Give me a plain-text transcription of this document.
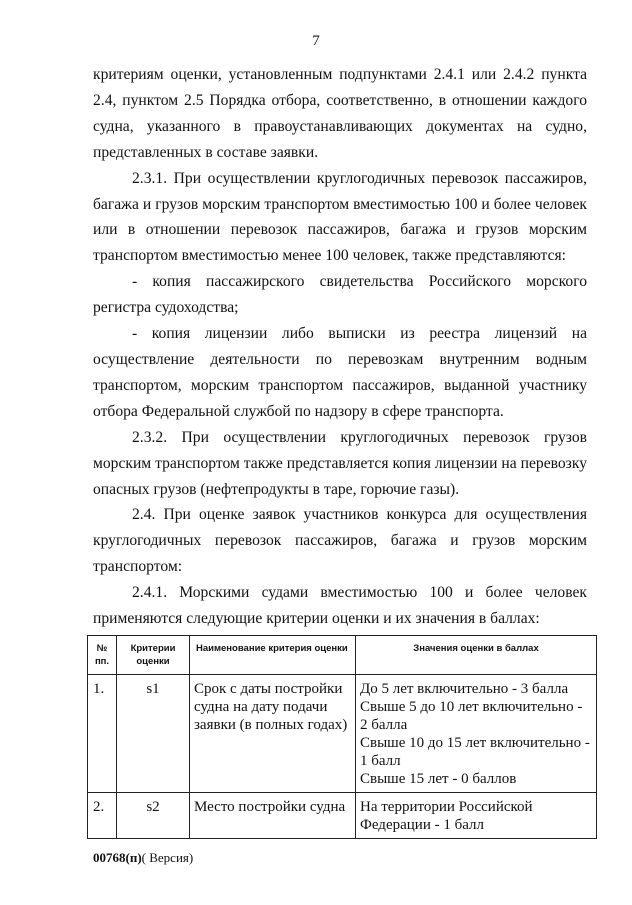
7

критериям оценки, установленным подпунктами 2.4.1 или 2.4.2 пункта 2.4, пунктом 2.5 Порядка отбора, соответственно, в отношении каждого судна, указанного в правоустанавливающих документах на судно, представленных в составе заявки.

2.3.1. При осуществлении круглогодичных перевозок пассажиров, багажа и грузов морским транспортом вместимостью 100 и более человек или в отношении перевозок пассажиров, багажа и грузов морским транспортом вместимостью менее 100 человек, также представляются:

- копия пассажирского свидетельства Российского морского регистра судоходства;

- копия лицензии либо выписки из реестра лицензий на осуществление деятельности по перевозкам внутренним водным транспортом, морским транспортом пассажиров, выданной участнику отбора Федеральной службой по надзору в сфере транспорта.

2.3.2. При осуществлении круглогодичных перевозок грузов морским транспортом также представляется копия лицензии на перевозку опасных грузов (нефтепродукты в таре, горючие газы).

2.4. При оценке заявок участников конкурса для осуществления круглогодичных перевозок пассажиров, багажа и грузов морским транспортом:

2.4.1. Морскими судами вместимостью 100 и более человек применяются следующие критерии оценки и их значения в баллах:

№ пп.	Критерии оценки	Наименование критерия оценки	Значения оценки в баллах
1.	s1	Срок с даты постройки судна на дату подачи заявки (в полных годах)	До 5 лет включительно - 3 балла
Свыше 5 до 10 лет включительно - 2 балла
Свыше 10 до 15 лет включительно - 1 балл
Свыше 15 лет - 0 баллов

2.	s2	Место постройки судна	На территории Российской Федерации - 1 балл
00768(п)( Версия)
